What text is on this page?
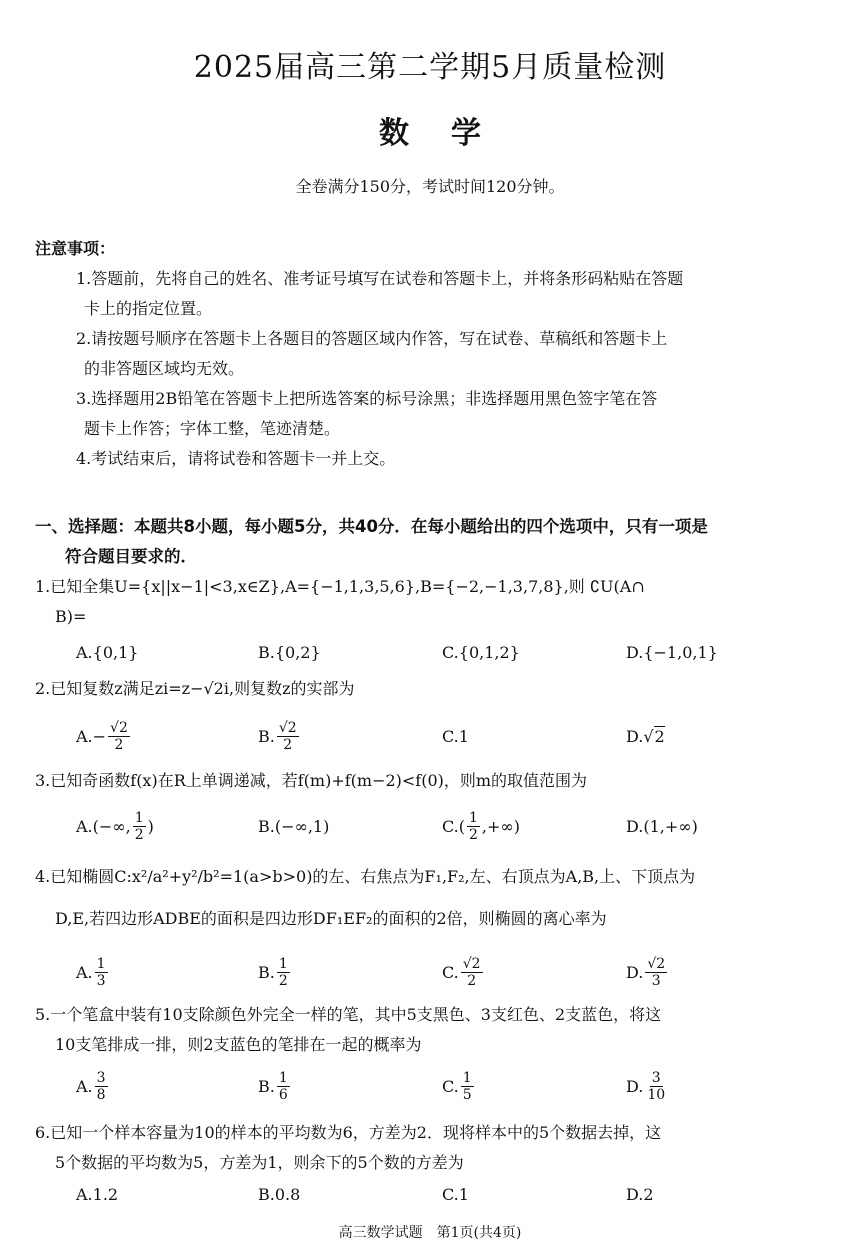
2025届高三第二学期5月质量检测
数学
全卷满分150分，考试时间120分钟。
注意事项：
1.答题前，先将自己的姓名、准考证号填写在试卷和答题卡上，并将条形码粘贴在答题
卡上的指定位置。
2.请按题号顺序在答题卡上各题目的答题区域内作答，写在试卷、草稿纸和答题卡上
的非答题区域均无效。
3.选择题用2B铅笔在答题卡上把所选答案的标号涂黑；非选择题用黑色签字笔在答
题卡上作答；字体工整，笔迹清楚。
4.考试结束后，请将试卷和答题卡一并上交。
一、选择题：本题共8小题，每小题5分，共40分．在每小题给出的四个选项中，只有一项是
符合题目要求的．
1.已知全集U={x||x−1|<3,x∈Z},A={−1,1,3,5,6},B={−2,−1,3,7,8},则 ∁U(A∩
B)=
A.{0,1}	B.{0,2}	C.{0,1,2}	D.{−1,0,1}
2.已知复数z满足zi=z−√2i,则复数z的实部为
$A.- \frac{√2}{2}$	B. $\frac{√2}{2}$	C.1	D. √ 2
3.已知奇函数f(x)在R上单调递减，若f(m)+f(m−2)<f(0)，则m的取值范围为
A.(−∞, $\frac{1}{2}$ )	B.(−∞,1)	$C.( \frac{1}{2}$ ,+∞)	D.(1,+∞)
4.已知椭圆C:x²/a²+y²/b²=1(a>b>0)的左、右焦点为F₁,F₂,左、右顶点为A,B,上、下顶点为
D,E,若四边形ADBE的面积是四边形DF₁EF₂的面积的2倍，则椭圆的离心率为
A. $\frac{1}{3}$	B. $\frac{1}{2}$	C. $\frac{√2}{2}$	D. $\frac{√2}{3}$
5.一个笔盒中装有10支除颜色外完全一样的笔，其中5支黑色、3支红色、2支蓝色，将这
10支笔排成一排，则2支蓝色的笔排在一起的概率为
A. $\frac{3}{8}$	B. $\frac{1}{6}$	C. $\frac{1}{5}$	D. $\frac{3}{10}$
6.已知一个样本容量为10的样本的平均数为6，方差为2．现将样本中的5个数据去掉，这
5个数据的平均数为5，方差为1，则余下的5个数的方差为
A.1.2	B.0.8	C.1	D.2
高三数学试题　第1页(共4页)
